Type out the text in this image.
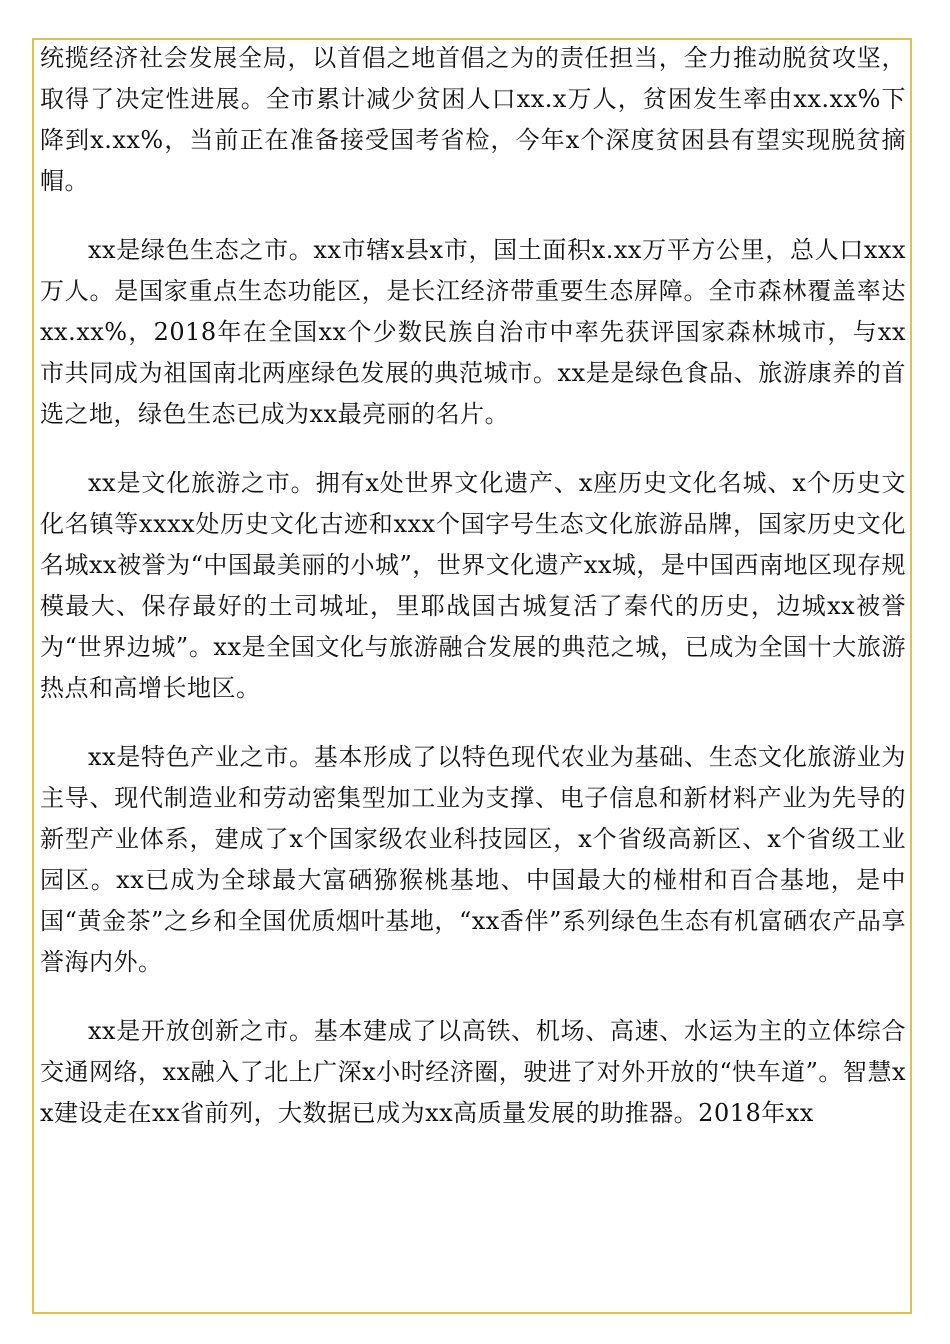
统揽经济社会发展全局，以首倡之地首倡之为的责任担当，全力推动脱贫攻坚，取得了决定性进展。全市累计减少贫困人口xx.x万人，贫困发生率由xx.xx%下降到x.xx%，当前正在准备接受国考省检，今年x个深度贫困县有望实现脱贫摘帽。

xx是绿色生态之市。xx市辖x县x市，国土面积x.xx万平方公里，总人口xxx万人。是国家重点生态功能区，是长江经济带重要生态屏障。全市森林覆盖率达xx.xx%，2018年在全国xx个少数民族自治市中率先获评国家森林城市，与xx市共同成为祖国南北两座绿色发展的典范城市。xx是是绿色食品、旅游康养的首选之地，绿色生态已成为xx最亮丽的名片。

xx是文化旅游之市。拥有x处世界文化遗产、x座历史文化名城、x个历史文化名镇等xxxx处历史文化古迹和xxx个国字号生态文化旅游品牌，国家历史文化名城xx被誉为“中国最美丽的小城”，世界文化遗产xx城，是中国西南地区现存规模最大、保存最好的土司城址，里耶战国古城复活了秦代的历史，边城xx被誉为“世界边城”。xx是全国文化与旅游融合发展的典范之城，已成为全国十大旅游热点和高增长地区。

xx是特色产业之市。基本形成了以特色现代农业为基础、生态文化旅游业为主导、现代制造业和劳动密集型加工业为支撑、电子信息和新材料产业为先导的新型产业体系，建成了x个国家级农业科技园区，x个省级高新区、x个省级工业园区。xx已成为全球最大富硒猕猴桃基地、中国最大的椪柑和百合基地，是中国“黄金茶”之乡和全国优质烟叶基地，“xx香伴”系列绿色生态有机富硒农产品享誉海内外。

xx是开放创新之市。基本建成了以高铁、机场、高速、水运为主的立体综合交通网络，xx融入了北上广深x小时经济圈，驶进了对外开放的“快车道”。智慧xx建设走在xx省前列，大数据已成为xx高质量发展的助推器。2018年xx
